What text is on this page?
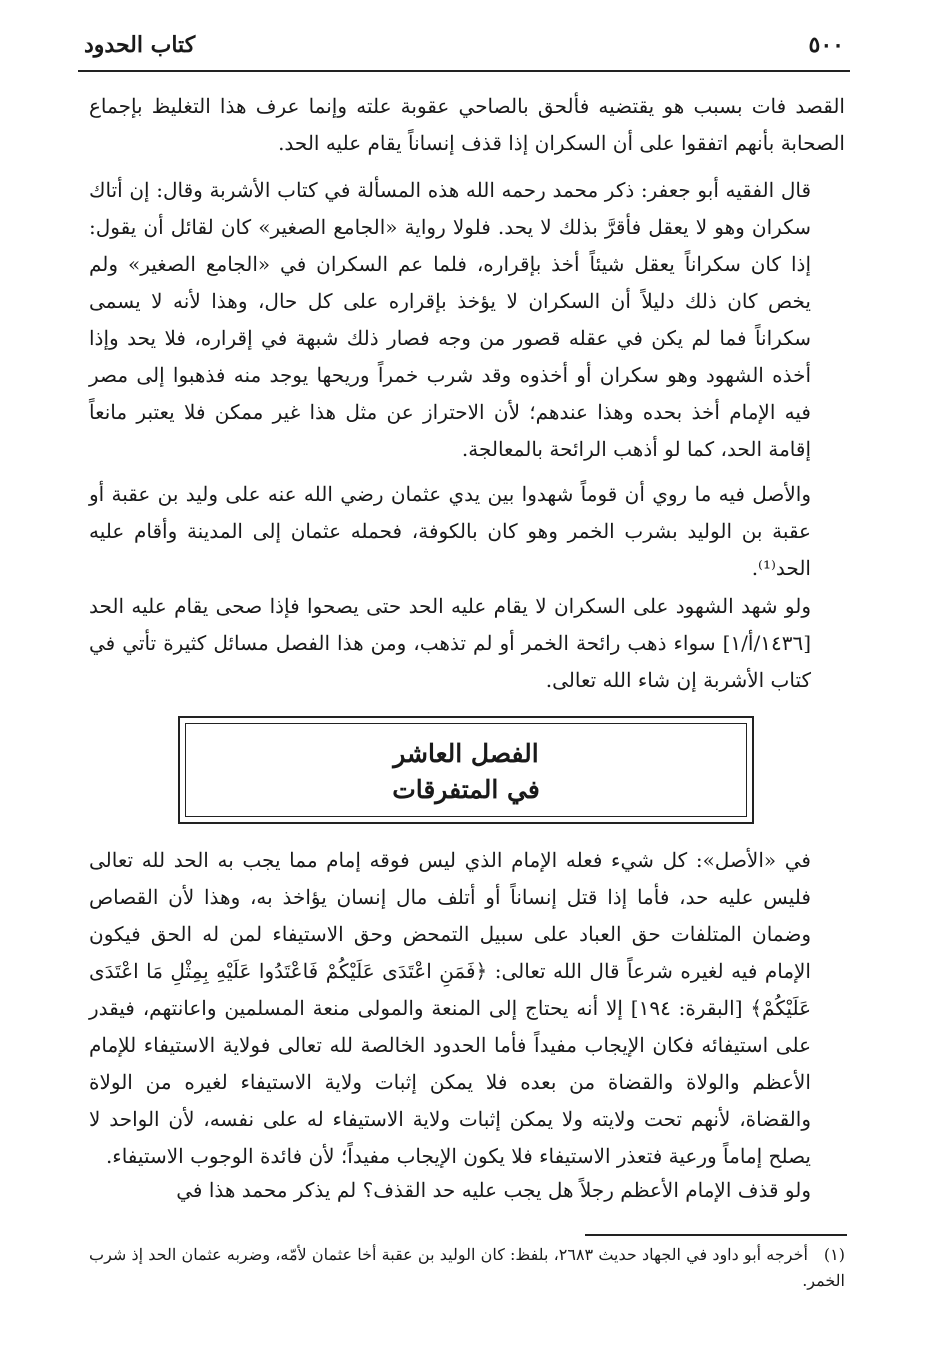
٥٠٠
كتاب الحدود

القصد فات بسبب هو يقتضيه فألحق بالصاحي عقوبة علته وإنما عرف هذا التغليظ بإجماع الصحابة بأنهم اتفقوا على أن السكران إذا قذف إنساناً يقام عليه الحد.

قال الفقيه أبو جعفر: ذكر محمد رحمه الله هذه المسألة في كتاب الأشربة وقال: إن أتاك سكران وهو لا يعقل فأقرَّ بذلك لا يحد. فلولا رواية «الجامع الصغير» كان لقائل أن يقول: إذا كان سكراناً يعقل شيئاً أخذ بإقراره، فلما عم السكران في «الجامع الصغير» ولم يخص كان ذلك دليلاً أن السكران لا يؤخذ بإقراره على كل حال، وهذا لأنه لا يسمى سكراناً فما لم يكن في عقله قصور من وجه فصار ذلك شبهة في إقراره، فلا يحد وإذا أخذه الشهود وهو سكران أو أخذوه وقد شرب خمراً وريحها يوجد منه فذهبوا إلى مصر فيه الإمام أخذ بحده وهذا عندهم؛ لأن الاحتراز عن مثل هذا غير ممكن فلا يعتبر مانعاً إقامة الحد، كما لو أذهب الرائحة بالمعالجة.

والأصل فيه ما روي أن قوماً شهدوا بين يدي عثمان رضي الله عنه على وليد بن عقبة أو عقبة بن الوليد بشرب الخمر وهو كان بالكوفة، فحمله عثمان إلى المدينة وأقام عليه الحد⁽¹⁾.

ولو شهد الشهود على السكران لا يقام عليه الحد حتى يصحوا فإذا صحى يقام عليه الحد [١٤٣٦/أ/١] سواء ذهب رائحة الخمر أو لم تذهب، ومن هذا الفصل مسائل كثيرة تأتي في كتاب الأشربة إن شاء الله تعالى.

الفصل العاشر
في المتفرقات

في «الأصل»: كل شيء فعله الإمام الذي ليس فوقه إمام مما يجب به الحد لله تعالى فليس عليه حد، فأما إذا قتل إنساناً أو أتلف مال إنسان يؤاخذ به، وهذا لأن القصاص وضمان المتلفات حق العباد على سبيل التمحض وحق الاستيفاء لمن له الحق فيكون الإمام فيه لغيره شرعاً قال الله تعالى: ﴿فَمَنِ اعْتَدَى عَلَيْكُمْ فَاعْتَدُوا عَلَيْهِ بِمِثْلِ مَا اعْتَدَى عَلَيْكُمْ﴾ [البقرة: ١٩٤] إلا أنه يحتاج إلى المنعة والمولى منعة المسلمين واعانتهم، فيقدر على استيفائه فكان الإيجاب مفيداً فأما الحدود الخالصة لله تعالى فولاية الاستيفاء للإمام الأعظم والولاة والقضاة من بعده فلا يمكن إثبات ولاية الاستيفاء لغيره من الولاة والقضاة، لأنهم تحت ولايته ولا يمكن إثبات ولاية الاستيفاء له على نفسه، لأن الواحد لا يصلح إماماً ورعية فتعذر الاستيفاء فلا يكون الإيجاب مفيداً؛ لأن فائدة الوجوب الاستيفاء.

ولو قذف الإمام الأعظم رجلاً هل يجب عليه حد القذف؟ لم يذكر محمد هذا في

(١)أخرجه أبو داود في الجهاد حديث ٢٦٨٣، بلفظ: كان الوليد بن عقبة أخا عثمان لأمّه، وضربه عثمان الحد إذ شرب الخمر.
